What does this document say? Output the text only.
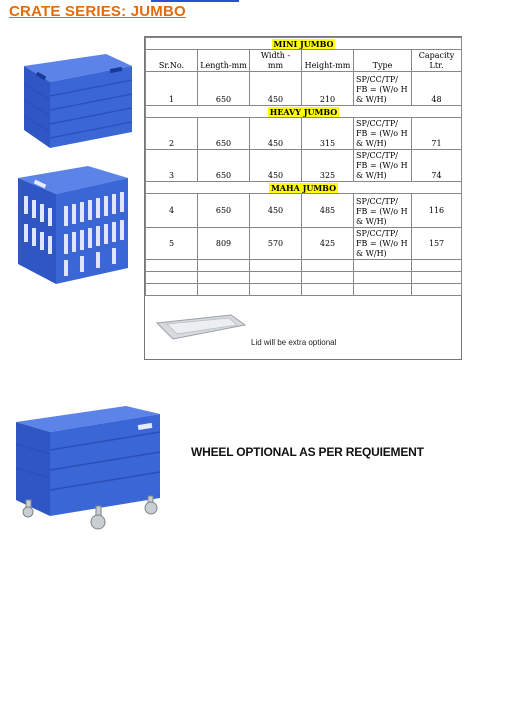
CRATE SERIES: JUMBO
MINI JUMBO					
Sr.No.	Length-mm	Width - mm	Height-mm	Type	Capacity Ltr.
1	650	450	210	SP/CC/TP/ FB = (W/o H & W/H)	48
HEAVY JUMBO					
2	650	450	315	SP/CC/TP/ FB = (W/o H & W/H)	71
3	650	450	325	SP/CC/TP/ FB = (W/o H & W/H)	74
MAHA JUMBO					
4	650	450	485	SP/CC/TP/ FB = (W/o H & W/H)	116
5	809	570	425	SP/CC/TP/ FB = (W/o H & W/H)	157

Lid will be extra optional
WHEEL OPTIONAL AS PER REQUIEMENT
